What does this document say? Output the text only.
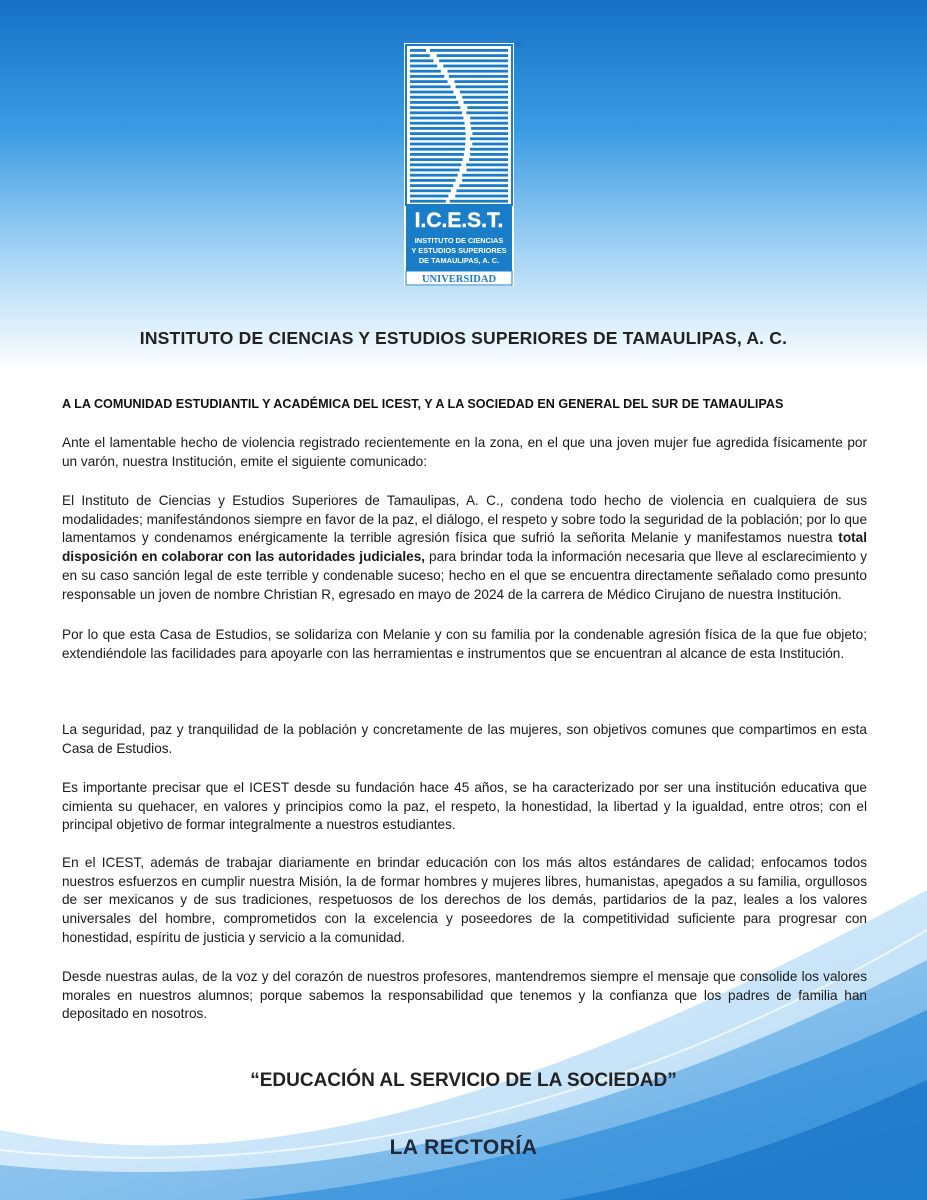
I.C.E.S.T.
INSTITUTO DE CIENCIAS
Y ESTUDIOS SUPERIORES
DE TAMAULIPAS, A. C.
UNIVERSIDAD
®
INSTITUTO DE CIENCIAS Y ESTUDIOS SUPERIORES DE TAMAULIPAS, A. C.
A LA COMUNIDAD ESTUDIANTIL Y ACADÉMICA DEL ICEST, Y A LA SOCIEDAD EN GENERAL DEL SUR DE TAMAULIPAS

Ante el lamentable hecho de violencia registrado recientemente en la zona, en el que una joven mujer fue agredida físicamente por un varón, nuestra Institución, emite el siguiente comunicado:

El Instituto de Ciencias y Estudios Superiores de Tamaulipas, A. C., condena todo hecho de violencia en cualquiera de sus modalidades; manifestándonos siempre en favor de la paz, el diálogo, el respeto y sobre todo la seguridad de la población; por lo que lamentamos y condenamos enérgicamente la terrible agresión física que sufrió la señorita Melanie y manifestamos nuestra total disposición en colaborar con las autoridades judiciales, para brindar toda la información necesaria que lleve al esclarecimiento y en su caso sanción legal de este terrible y condenable suceso; hecho en el que se encuentra directamente señalado como presunto responsable un joven de nombre Christian R, egresado en mayo de 2024 de la carrera de Médico Cirujano de nuestra Institución.

Por lo que esta Casa de Estudios, se solidariza con Melanie y con su familia por la condenable agresión física de la que fue objeto; extendiéndole las facilidades para apoyarle con las herramientas e instrumentos que se encuentran al alcance de esta Institución.

La seguridad, paz y tranquilidad de la población y concretamente de las mujeres, son objetivos comunes que compartimos en esta Casa de Estudios.

Es importante precisar que el ICEST desde su fundación hace 45 años, se ha caracterizado por ser una institución educativa que cimienta su quehacer, en valores y principios como la paz, el respeto, la honestidad, la libertad y la igualdad, entre otros; con el principal objetivo de formar integralmente a nuestros estudiantes.

En el ICEST, además de trabajar diariamente en brindar educación con los más altos estándares de calidad; enfocamos todos nuestros esfuerzos en cumplir nuestra Misión, la de formar hombres y mujeres libres, humanistas, apegados a su familia, orgullosos de ser mexicanos y de sus tradiciones, respetuosos de los derechos de los demás, partidarios de la paz, leales a los valores universales del hombre, comprometidos con la excelencia y poseedores de la competitividad suficiente para progresar con honestidad, espíritu de justicia y servicio a la comunidad.

Desde nuestras aulas, de la voz y del corazón de nuestros profesores, mantendremos siempre el mensaje que consolide los valores morales en nuestros alumnos; porque sabemos la responsabilidad que tenemos y la confianza que los padres de familia han depositado en nosotros.

“EDUCACIÓN AL SERVICIO DE LA SOCIEDAD”
LA RECTORÍA
